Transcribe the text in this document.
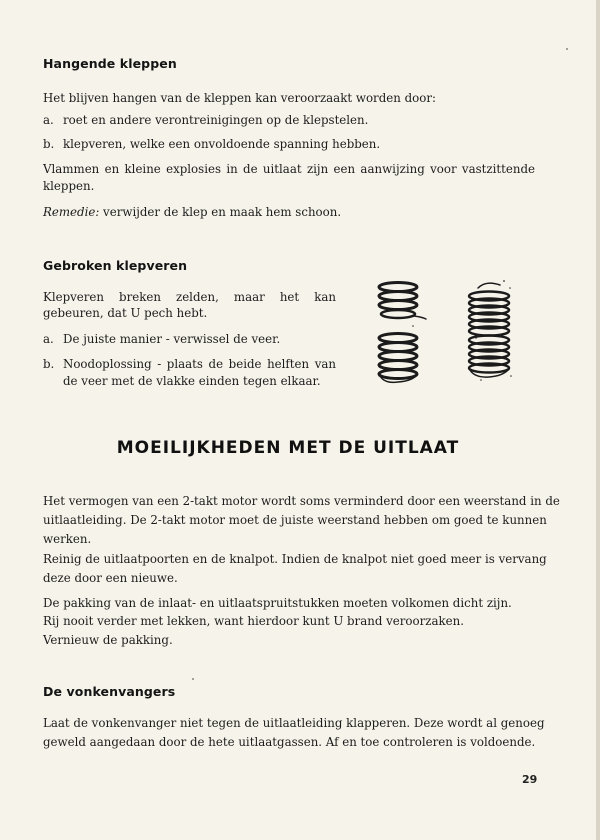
Hangende kleppen
Het blijven hangen van de kleppen kan veroorzaakt worden door:
a. roet en andere verontreinigingen op de klepstelen.
b. klepveren, welke een onvoldoende spanning hebben.
Vlammen en kleine explosies in de uitlaat zijn een aanwijzing voor vastzittende kleppen.
Remedie: verwijder de klep en maak hem schoon.
Gebroken klepveren
Klepveren breken zelden, maar het kan gebeuren, dat U pech hebt.
a. De juiste manier - verwissel de veer.
b. Noodoplossing - plaats de beide helften van de veer met de vlakke einden tegen elkaar.
MOEILIJKHEDEN MET DE UITLAAT
Het vermogen van een 2-takt motor wordt soms verminderd door een weerstand in de
uitlaatleiding. De 2-takt motor moet de juiste weerstand hebben om goed te kunnen
werken.
Reinig de uitlaatpoorten en de knalpot. Indien de knalpot niet goed meer is vervang
deze door een nieuwe.
De pakking van de inlaat- en uitlaatspruitstukken moeten volkomen dicht zijn.
Rij nooit verder met lekken, want hierdoor kunt U brand veroorzaken.
Vernieuw de pakking.
De vonkenvangers
Laat de vonkenvanger niet tegen de uitlaatleiding klapperen. Deze wordt al genoeg
geweld aangedaan door de hete uitlaatgassen. Af en toe controleren is voldoende.
29
